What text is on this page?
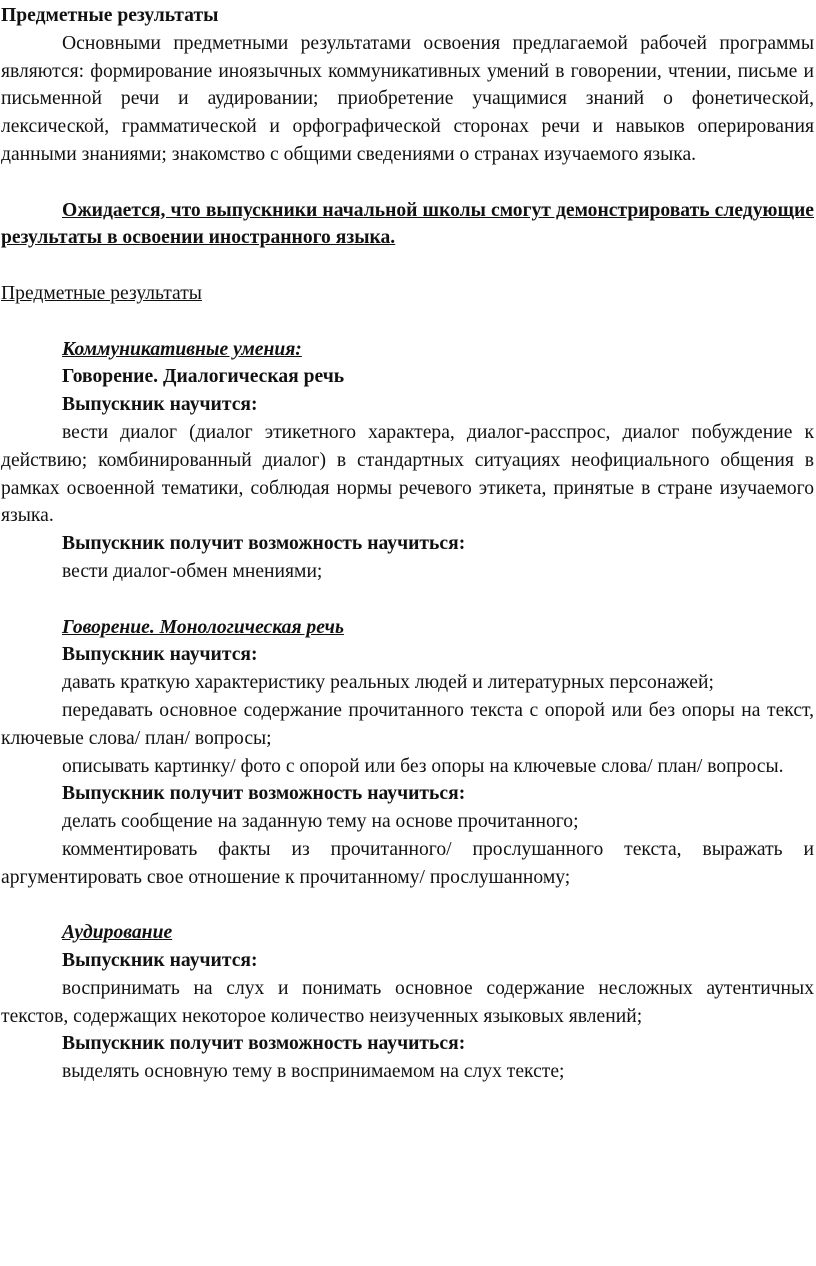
Предметные результаты

Основными предметными результатами освоения предлагаемой рабочей программы являются: формирование иноязычных коммуникативных умений в говорении, чтении, письме и письменной речи и аудировании; приобретение учащимися знаний о фонетической, лексической, грамматической и орфографической сторонах речи и навыков оперирования данными знаниями; знакомство с общими сведениями о странах изучаемого языка.

Ожидается, что выпускники начальной школы смогут демонстрировать следующие результаты в освоении иностранного языка.

Предметные результаты

Коммуникативные умения:

Говорение. Диалогическая речь

Выпускник научится:

вести диалог (диалог этикетного характера, диалог-расспрос, диалог побуждение к действию; комбинированный диалог) в стандартных ситуациях неофициального общения в рамках освоенной тематики, соблюдая нормы речевого этикета, принятые в стране изучаемого языка.

Выпускник получит возможность научиться:

вести диалог-обмен мнениями;

Говорение. Монологическая речь

Выпускник научится:

давать краткую характеристику реальных людей и литературных персонажей;

передавать основное содержание прочитанного текста с опорой или без опоры на текст, ключевые слова/ план/ вопросы;

описывать картинку/ фото с опорой или без опоры на ключевые слова/ план/ вопросы.

Выпускник получит возможность научиться:

делать сообщение на заданную тему на основе прочитанного;

комментировать факты из прочитанного/ прослушанного текста, выражать и аргументировать свое отношение к прочитанному/ прослушанному;

Аудирование

Выпускник научится:

воспринимать на слух и понимать основное содержание несложных аутентичных текстов, содержащих некоторое количество неизученных языковых явлений;

Выпускник получит возможность научиться:

выделять основную тему в воспринимаемом на слух тексте;
